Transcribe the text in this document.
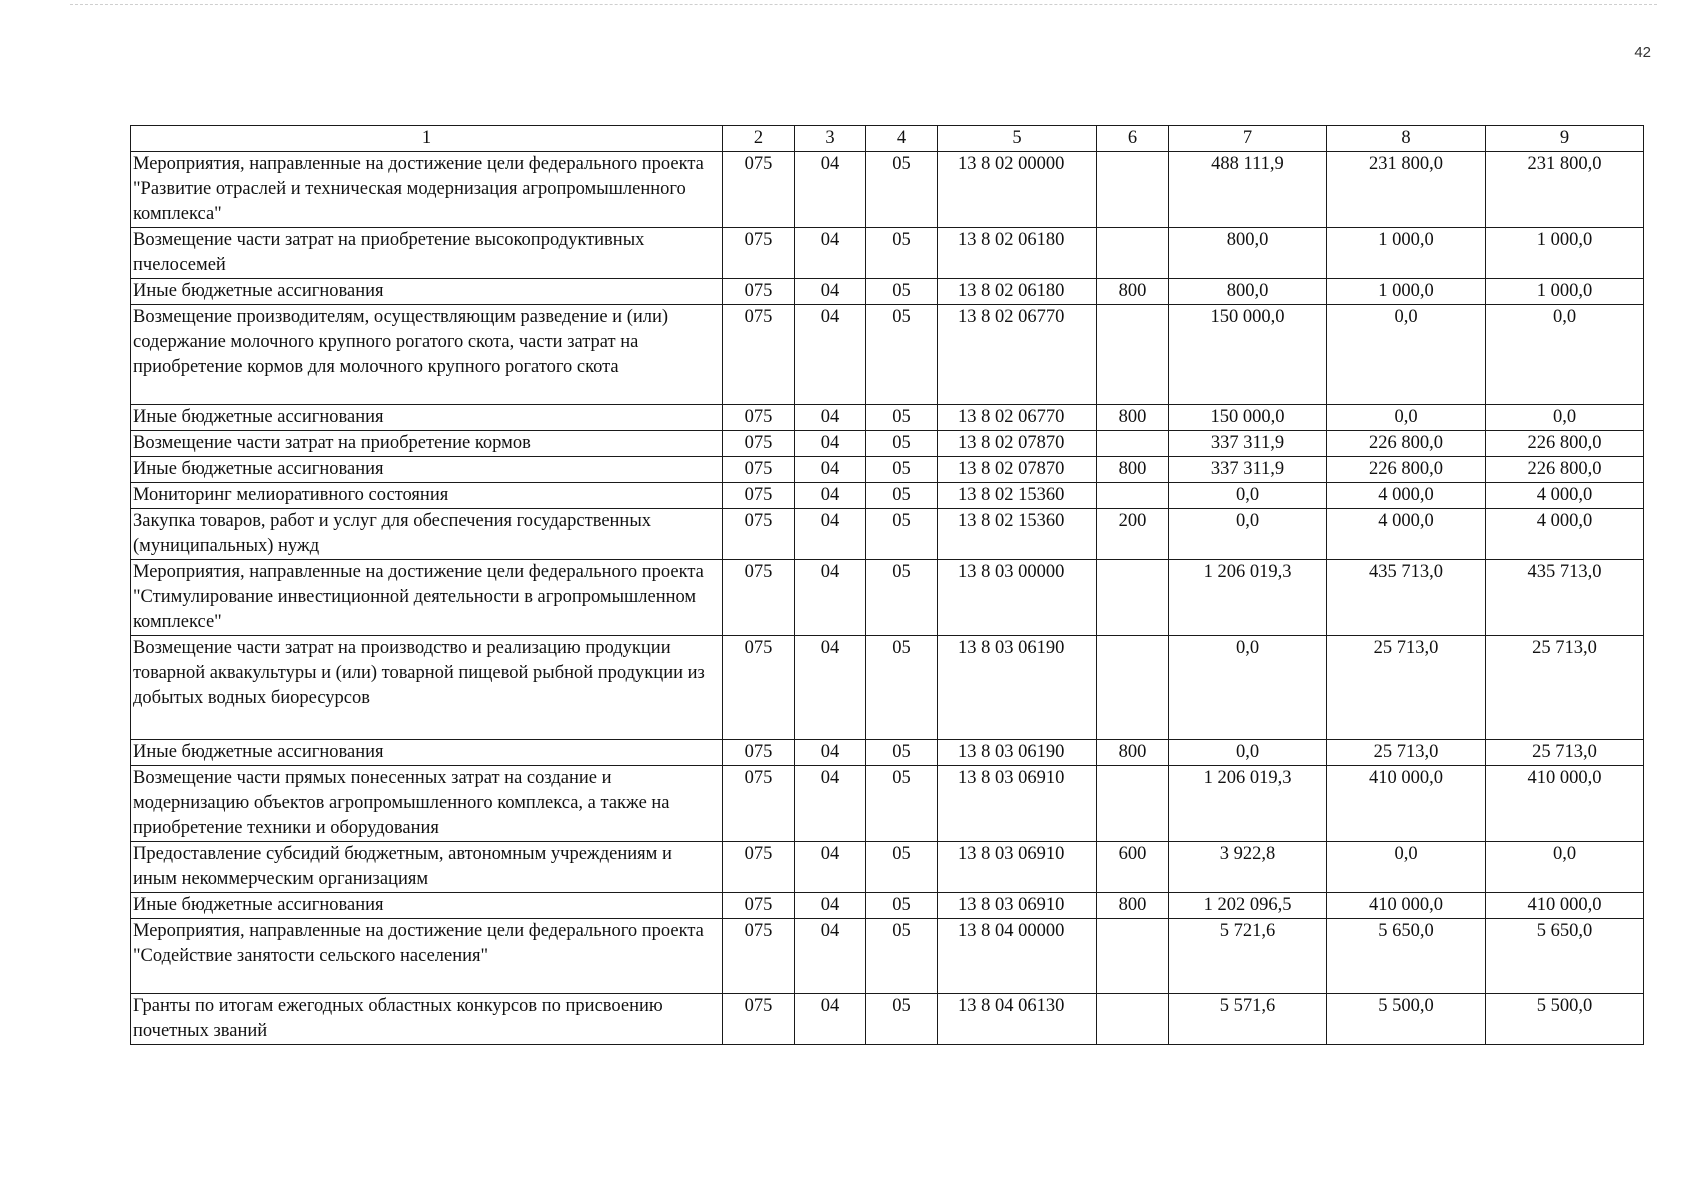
42
1	2	3	4	5	6	7	8	9
Мероприятия, направленные на достижение цели федерального проекта "Развитие отраслей и техническая модернизация агропромышленного комплекса"	075	04	05	13 8 02 00000		488 111,9	231 800,0	231 800,0
Возмещение части затрат на приобретение высокопродуктивных пчелосемей	075	04	05	13 8 02 06180		800,0	1 000,0	1 000,0
Иные бюджетные ассигнования	075	04	05	13 8 02 06180	800	800,0	1 000,0	1 000,0
Возмещение производителям, осуществляющим разведение и (или) содержание молочного крупного рогатого скота, части затрат на приобретение кормов для молочного крупного рогатого скота	075	04	05	13 8 02 06770		150 000,0	0,0	0,0
Иные бюджетные ассигнования	075	04	05	13 8 02 06770	800	150 000,0	0,0	0,0
Возмещение части затрат на приобретение кормов	075	04	05	13 8 02 07870		337 311,9	226 800,0	226 800,0
Иные бюджетные ассигнования	075	04	05	13 8 02 07870	800	337 311,9	226 800,0	226 800,0
Мониторинг мелиоративного состояния	075	04	05	13 8 02 15360		0,0	4 000,0	4 000,0
Закупка товаров, работ и услуг для обеспечения государственных (муниципальных) нужд	075	04	05	13 8 02 15360	200	0,0	4 000,0	4 000,0
Мероприятия, направленные на достижение цели федерального проекта "Стимулирование инвестиционной деятельности в агропромышленном комплексе"	075	04	05	13 8 03 00000		1 206 019,3	435 713,0	435 713,0
Возмещение части затрат на производство и реализацию продукции товарной аквакультуры и (или) товарной пищевой рыбной продукции из добытых водных биоресурсов	075	04	05	13 8 03 06190		0,0	25 713,0	25 713,0
Иные бюджетные ассигнования	075	04	05	13 8 03 06190	800	0,0	25 713,0	25 713,0
Возмещение части прямых понесенных затрат на создание и модернизацию объектов агропромышленного комплекса, а также на приобретение техники и оборудования	075	04	05	13 8 03 06910		1 206 019,3	410 000,0	410 000,0
Предоставление субсидий бюджетным, автономным учреждениям и иным некоммерческим организациям	075	04	05	13 8 03 06910	600	3 922,8	0,0	0,0
Иные бюджетные ассигнования	075	04	05	13 8 03 06910	800	1 202 096,5	410 000,0	410 000,0
Мероприятия, направленные на достижение цели федерального проекта "Содействие занятости сельского населения"	075	04	05	13 8 04 00000		5 721,6	5 650,0	5 650,0
Гранты по итогам ежегодных областных конкурсов по присвоению почетных званий	075	04	05	13 8 04 06130		5 571,6	5 500,0	5 500,0
